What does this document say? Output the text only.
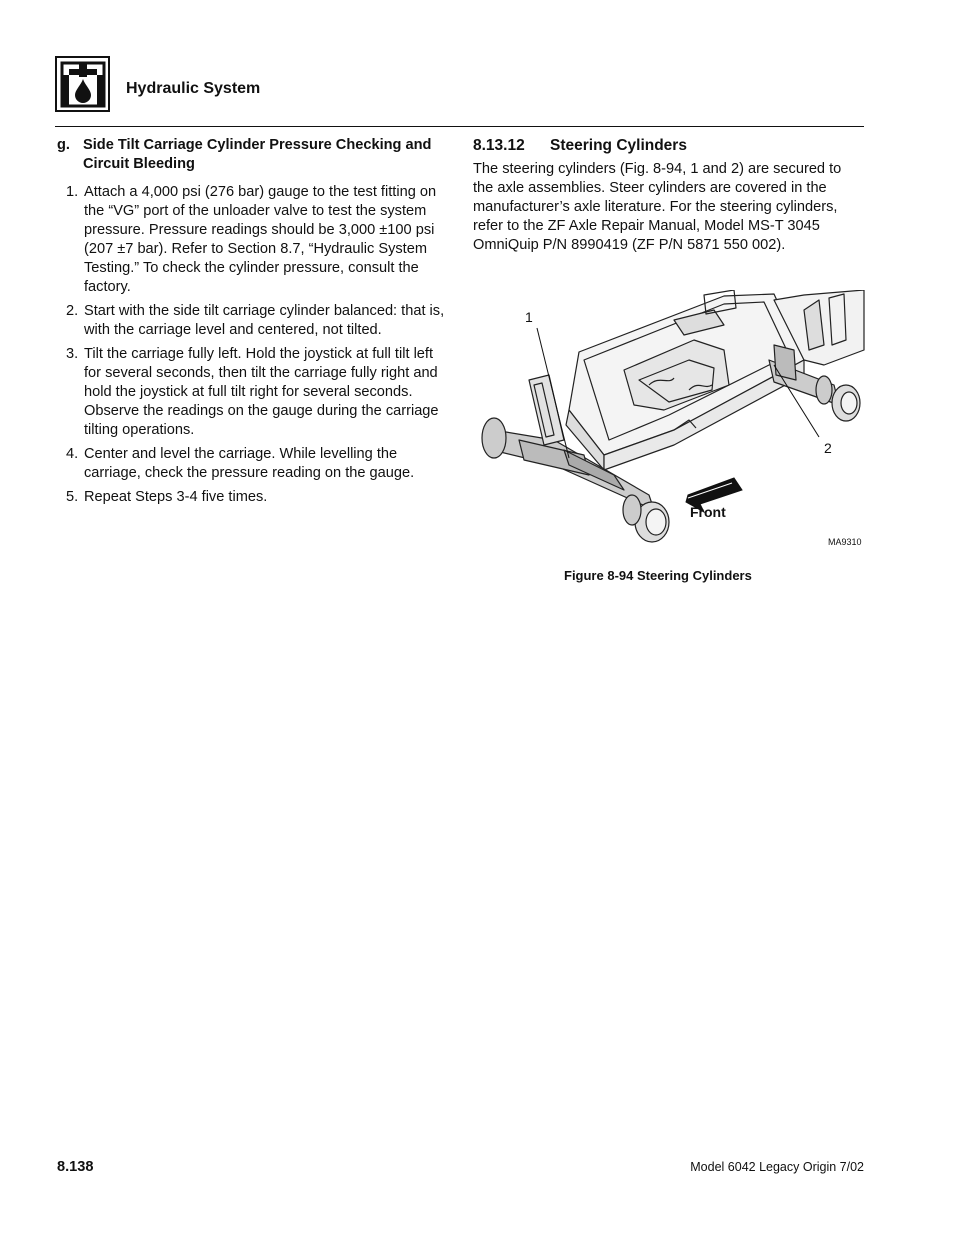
Hydraulic System
g. Side Tilt Carriage Cylinder Pressure Checking and Circuit Bleeding
1. Attach a 4,000 psi (276 bar) gauge to the test fitting on the “VG” port of the unloader valve to test the system pressure. Pressure readings should be 3,000 ±100 psi (207 ±7 bar). Refer to Section 8.7, “Hydraulic System Testing.” To check the cylinder pressure, consult the factory.
2. Start with the side tilt carriage cylinder balanced: that is, with the carriage level and centered, not tilted.
3. Tilt the carriage fully left. Hold the joystick at full tilt left for several seconds, then tilt the carriage fully right and hold the joystick at full tilt right for several seconds. Observe the readings on the gauge during the carriage tilting operations.
4. Center and level the carriage. While levelling the carriage, check the pressure reading on the gauge.
5. Repeat Steps 3-4 five times.
8.13.12	Steering Cylinders
The steering cylinders (Fig. 8-94, 1 and 2) are secured to the axle assemblies. Steer cylinders are covered in the manufacturer’s axle literature. For the steering cylinders, refer to the ZF Axle Repair Manual, Model MS-T 3045 OmniQuip P/N 8990419 (ZF P/N 5871 550 002).
1
2
Front
MA9310
Figure 8-94 Steering Cylinders
8.138	Model 6042 Legacy Origin 7/02
